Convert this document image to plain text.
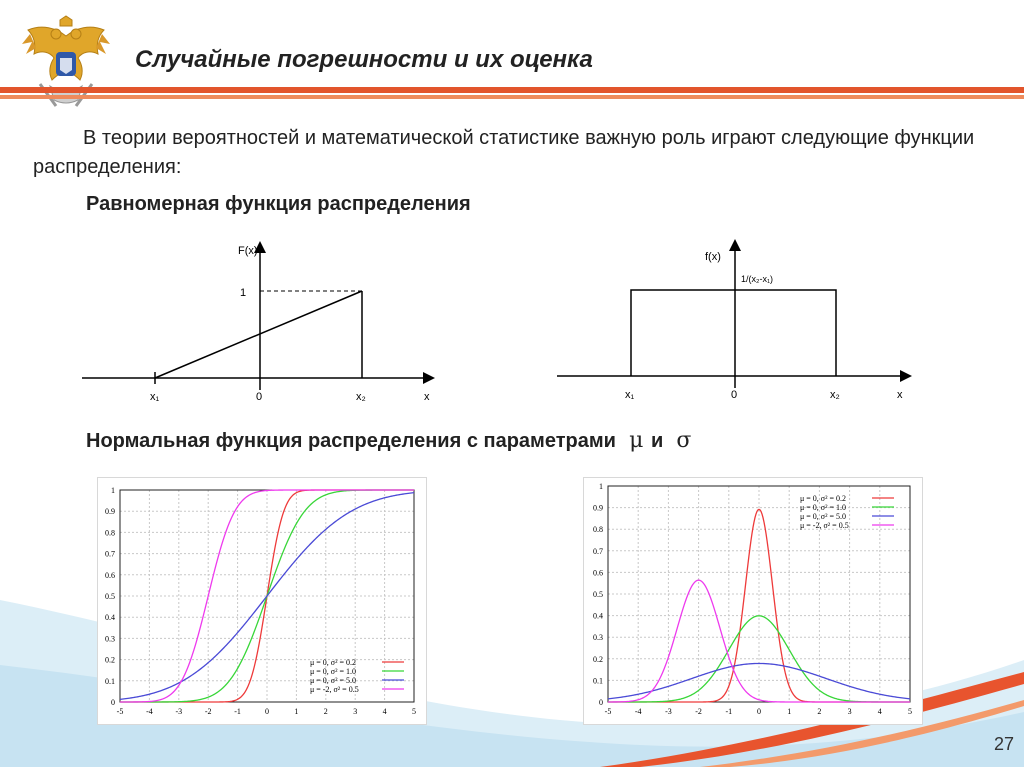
Случайные погрешности и их оценка
В теории вероятностей и математической статистике важную роль играют следующие функции распределения:
Равномерная функция распределения
F(x)
1
x₁	0	x₂	x
f(x)
1/(x₂-x₁)
x₁	0	x₂	x
Нормальная функция распределения с параметрами μ и σ
0
0.1
0.2
0.3
0.4
0.5
0.6
0.7
0.8
0.9
1
-5	-4	-3	-2	-1	0	1	2	3	4	5
μ = 0, σ² = 0.2
μ = 0, σ² = 1.0
μ = 0, σ² = 5.0
μ = -2, σ² = 0.5
0
0.1
0.2
0.3
0.4
0.5
0.6
0.7
0.8
0.9
1
-5	-4	-3	-2	-1	0	1	2	3	4	5
μ = 0, σ² = 0.2
μ = 0, σ² = 1.0
μ = 0, σ² = 5.0
μ = -2, σ² = 0.5
27
